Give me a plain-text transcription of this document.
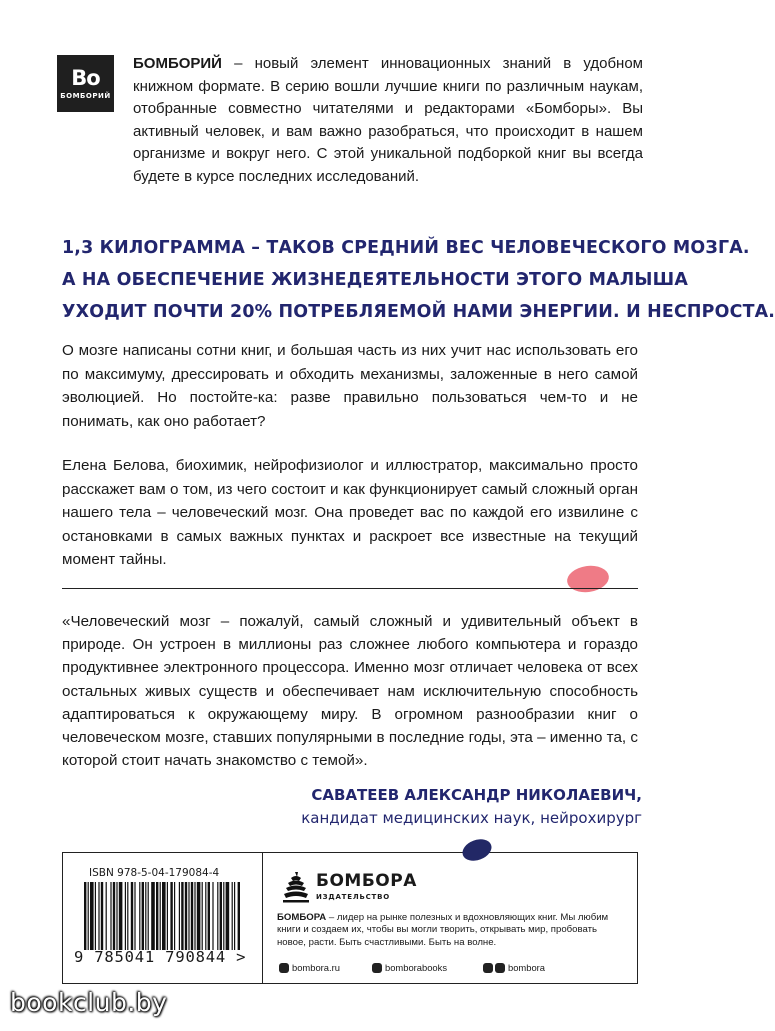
Bo
БОМБОРИЙ
БОМБОРИЙ – новый элемент инновационных знаний в удобном книжном формате. В серию вошли лучшие книги по различным наукам, отобранные совместно читателями и редакторами «Бомборы». Вы активный человек, и вам важно разобраться, что происходит в нашем организме и вокруг него. С этой уникальной подборкой книг вы всегда будете в курсе последних исследований.
1,3 КИЛОГРАММА – ТАКОВ СРЕДНИЙ ВЕС ЧЕЛОВЕЧЕСКОГО МОЗГА.
А НА ОБЕСПЕЧЕНИЕ ЖИЗНЕДЕЯТЕЛЬНОСТИ ЭТОГО МАЛЫША
УХОДИТ ПОЧТИ 20% ПОТРЕБЛЯЕМОЙ НАМИ ЭНЕРГИИ. И НЕСПРОСТА.
О мозге написаны сотни книг, и большая часть из них учит нас использовать его по максимуму, дрессировать и обходить механизмы, заложенные в него самой эволюцией. Но постойте-ка: разве правильно пользоваться чем-то и не понимать, как оно работает?
Елена Белова, биохимик, нейрофизиолог и иллюстратор, максимально просто расскажет вам о том, из чего состоит и как функционирует самый сложный орган нашего тела – человеческий мозг. Она проведет вас по каждой его извилине с остановками в самых важных пунктах и раскроет все известные на текущий момент тайны.
«Человеческий мозг – пожалуй, самый сложный и удивительный объект в природе. Он устроен в миллионы раз сложнее любого компьютера и гораздо продуктивнее электронного процессора. Именно мозг отличает человека от всех остальных живых существ и обеспечивает нам исключительную способность адаптироваться к окружающему миру. В огромном разнообразии книг о человеческом мозге, ставших популярными в последние годы, эта – именно та, с которой стоит начать знакомство с темой».
САВАТЕЕВ АЛЕКСАНДР НИКОЛАЕВИЧ,
кандидат медицинских наук, нейрохирург
ISBN 978-5-04-179084-4
9 785041 790844 >
БОМБОРА
ИЗДАТЕЛЬСТВО
БОМБОРА – лидер на рынке полезных и вдохновляющих книг. Мы любим книги и создаем их, чтобы вы могли творить, открывать мир, пробовать новое, расти. Быть счастливыми. Быть на волне.
bombora.ru	bomborabooks	bombora
bookclub.by
